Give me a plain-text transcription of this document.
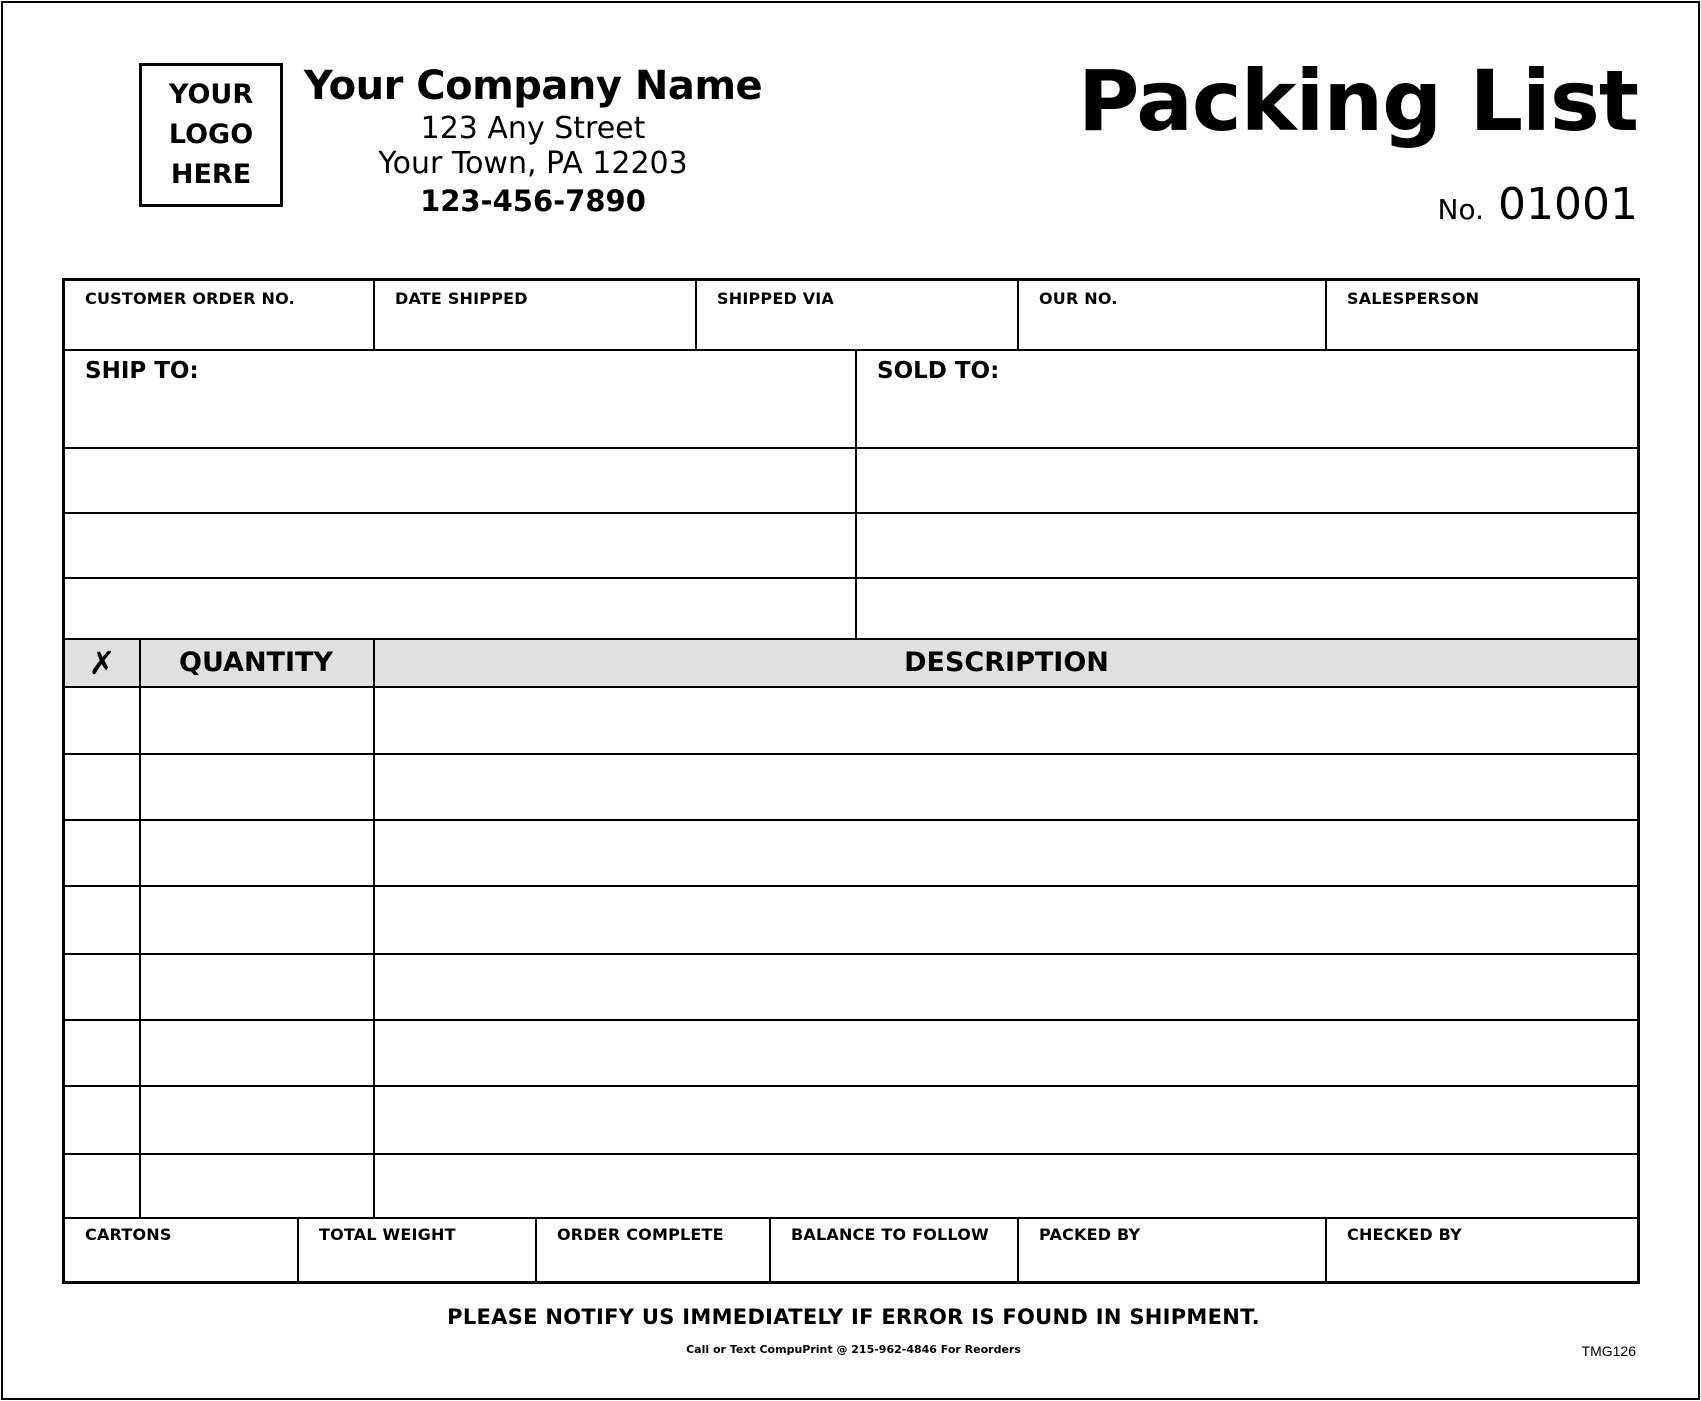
YOUR
LOGO
HERE
Your Company Name
123 Any Street
Your Town, PA 12203
123-456-7890
Packing List
No. 01001
CUSTOMER ORDER NO.	DATE SHIPPED	SHIPPED VIA	OUR NO.	SALESPERSON
SHIP TO:	SOLD TO:
✗	QUANTITY	DESCRIPTION
CARTONS	TOTAL WEIGHT	ORDER COMPLETE	BALANCE TO FOLLOW	PACKED BY	CHECKED BY
PLEASE NOTIFY US IMMEDIATELY IF ERROR IS FOUND IN SHIPMENT.
Call or Text CompuPrint @ 215-962-4846 For Reorders	TMG126
